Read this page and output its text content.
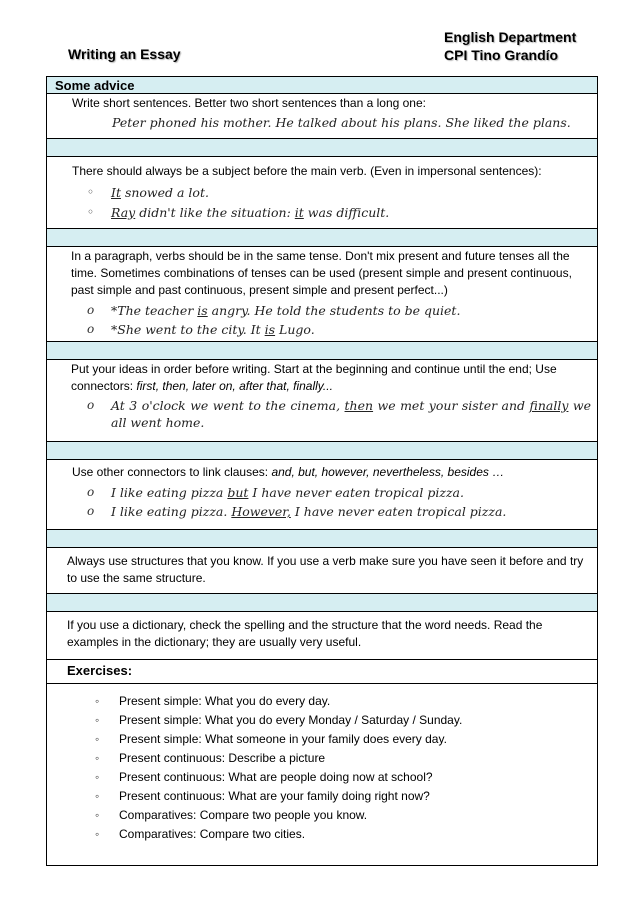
English Department
CPI Tino Grandío
Writing an Essay
Some advice
Write short sentences. Better two short sentences than a long one:
Peter phoned his mother. He talked about his plans. She liked the plans.
There should always be a subject before the main verb. (Even in impersonal sentences):
◦	It snowed a lot.
◦	Ray didn't like the situation: it was difficult.
In a paragraph, verbs should be in the same tense. Don't mix present and future tenses all the time. Sometimes combinations of tenses can be used (present simple and present continuous, past simple and past continuous, present simple and present perfect...)
o	*The teacher is angry. He told the students to be quiet.
o	*She went to the city. It is Lugo.
Put your ideas in order before writing. Start at the beginning and continue until the end; Use connectors: first, then, later on, after that, finally...
o	At 3 o'clock we went to the cinema, then we met your sister and finally we all went home.
Use other connectors to link clauses: and, but, however, nevertheless, besides …
o	I like eating pizza but I have never eaten tropical pizza.
o	I like eating pizza. However, I have never eaten tropical pizza.
Always use structures that you know. If you use a verb make sure you have seen it before and try to use the same structure.
If you use a dictionary, check the spelling and the structure that the word needs. Read the examples in the dictionary; they are usually very useful.
Exercises:
◦	Present simple: What you do every day.
◦	Present simple: What you do every Monday / Saturday / Sunday.
◦	Present simple: What someone in your family does every day.
◦	Present continuous: Describe a picture
◦	Present continuous: What are people doing now at school?
◦	Present continuous: What are your family doing right now?
◦	Comparatives: Compare two people you know.
◦	Comparatives: Compare two cities.
